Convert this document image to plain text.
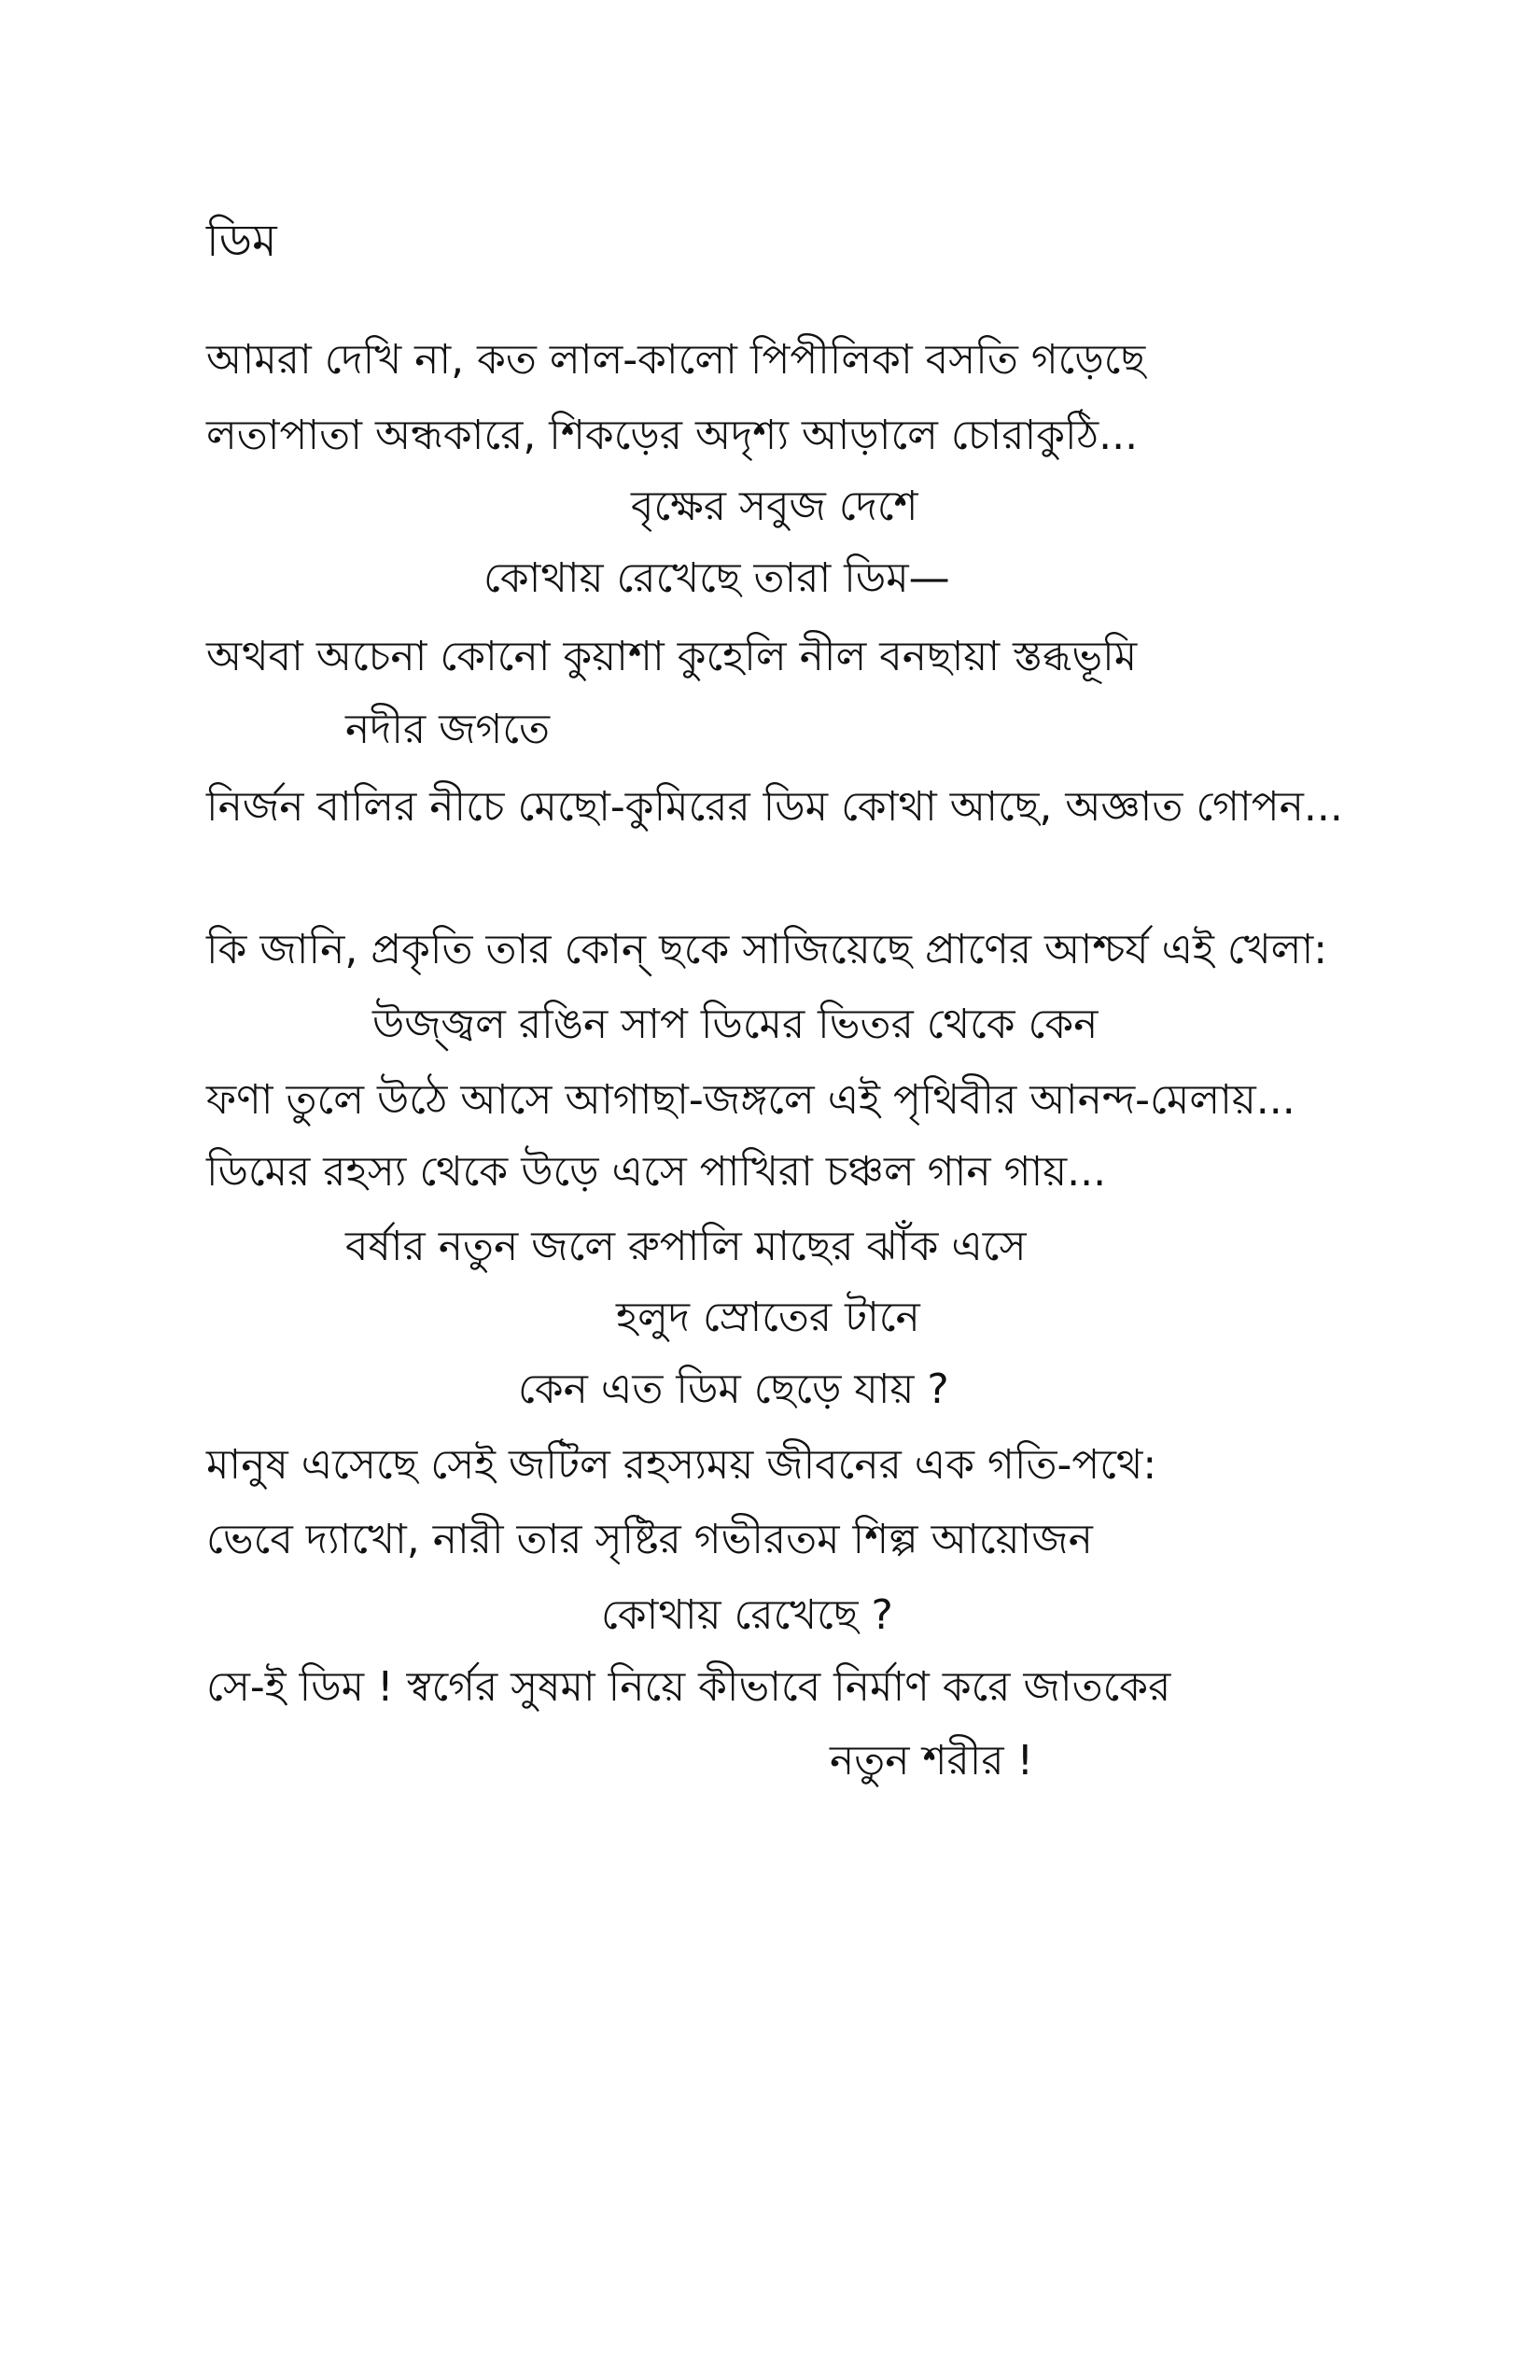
ডিম
আমরা দেখি না, কত লাল-কালো পিপীলিকা বসতি গড়েছে
লতাপাতা অন্ধকারে, শিকড়ের অদৃশ্য আড়ালে চোরাকুঠি...
বৃক্ষের সবুজ দেশে
কোথায় রেখেছে তারা ডিম—
অথবা অচেনা কোনো কুয়াশা কুহেলি নীল বনছায়া স্তব্ধভূমি
নদীর জগতে
নির্জন বালির নীচে মেছো-কুমিরের ডিম কোথা আছে, অজ্ঞাত গোপন...
কি জানি, প্রকৃতি তার কোন্ ছকে সাজিয়েছে প্রাণের আশ্চর্য এই খেলা:
উজ্জ্বল রঙিন সাপ ডিমের ভিতর থেকে কেন
ফণা তুলে উঠে আসে আগাছা-জঙ্গলে এই পৃথিবীর আনন্দ-মেলায়...
ডিমের রহস্য থেকে উড়ে এসে পাখিরা চঞ্চল গান গায়...
বর্ষার নতুন জলে রুপালি মাছের ঝাঁক এসে
হলুদ স্রোতের টানে
কেন এত ডিম ছেড়ে যায় ?
মানুষ এসেছে সেই জটিল রহস্যময় জীবনের এক গতি-পথে:
ভেবে দ্যাখো, নারী তার সৃষ্টির গভীরতম শিল্প আয়োজন
কোথায় রেখেছে ?
সে-ই ডিম ! স্বর্গের সুষমা নিয়ে কীভাবে নির্মাণ করে জাতকের
নতুন শরীর !
